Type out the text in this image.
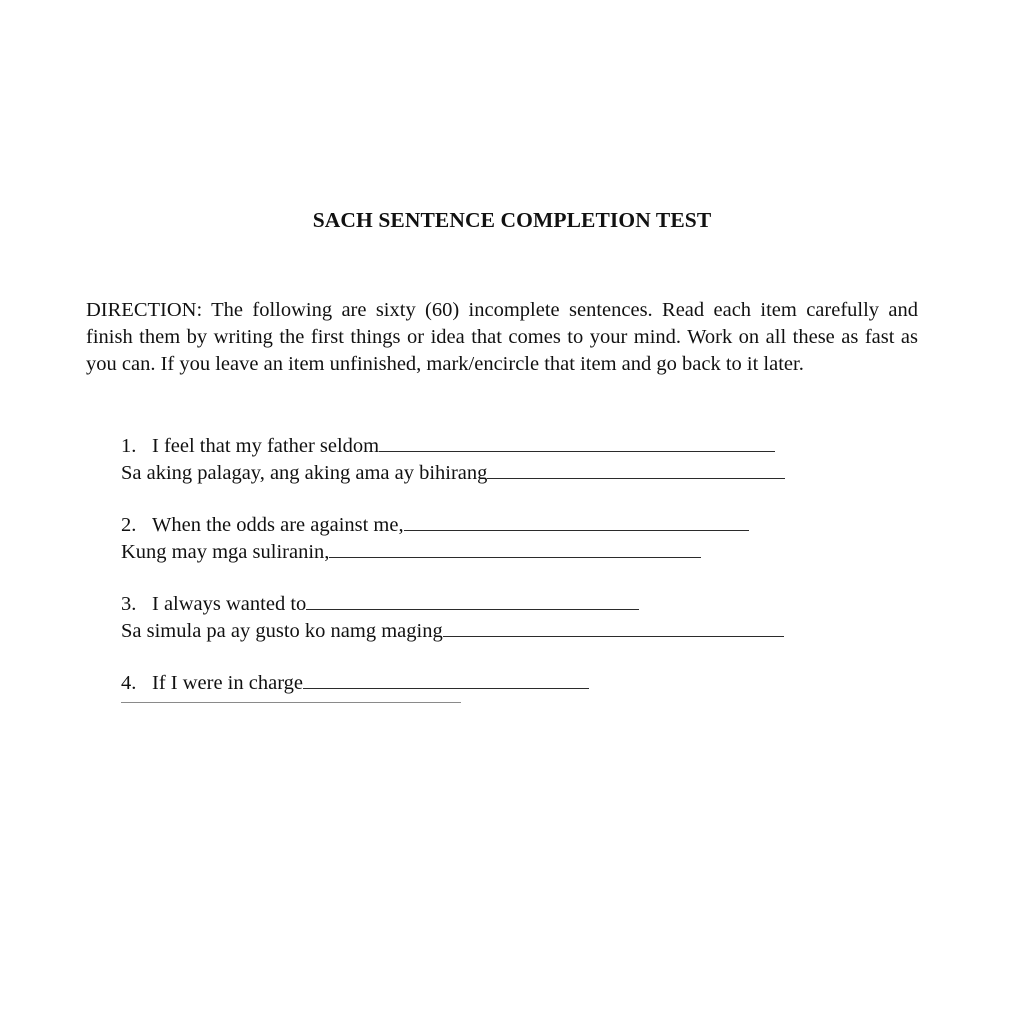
SACH SENTENCE COMPLETION TEST

DIRECTION: The following are sixty (60) incomplete sentences. Read each item carefully and finish them by writing the first things or idea that comes to your mind. Work on all these as fast as you can. If you leave an item unfinished, mark/encircle that item and go back to it later.

1. I feel that my father seldom
Sa aking palagay, ang aking ama ay bihirang
2. When the odds are against me,
Kung may mga suliranin,
3. I always wanted to
Sa simula pa ay gusto ko namg maging
4. If I were in charge
